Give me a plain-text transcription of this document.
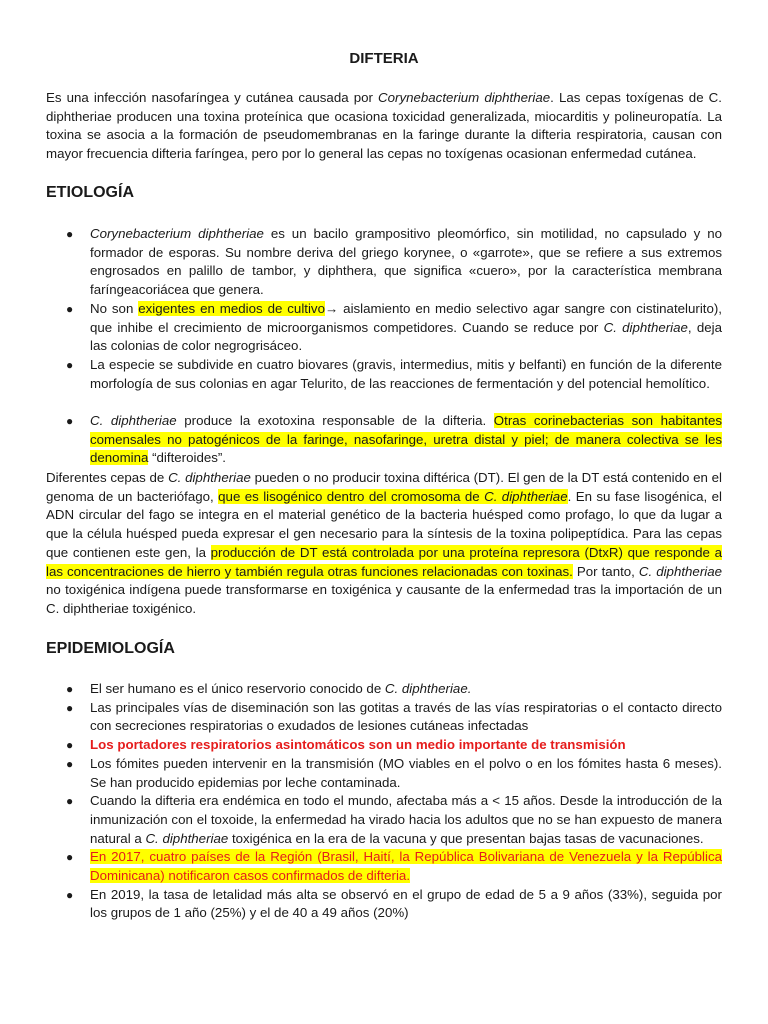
DIFTERIA

Es una infección nasofaríngea y cutánea causada por Corynebacterium diphtheriae. Las cepas toxígenas de C. diphtheriae producen una toxina proteínica que ocasiona toxicidad generalizada, miocarditis y polineuropatía. La toxina se asocia a la formación de pseudomembranas en la faringe durante la difteria respiratoria, causan con mayor frecuencia difteria faríngea, pero por lo general las cepas no toxígenas ocasionan enfermedad cutánea.

ETIOLOGÍA
● Corynebacterium diphtheriae es un bacilo grampositivo pleomórfico, sin motilidad, no capsulado y no formador de esporas. Su nombre deriva del griego korynee, o «garrote», que se refiere a sus extremos engrosados en palillo de tambor, y diphthera, que significa «cuero», por la característica membrana faríngeacoriácea que genera.
● No son exigentes en medios de cultivo→ aislamiento en medio selectivo agar sangre con cistinatelurito), que inhibe el crecimiento de microorganismos competidores. Cuando se reduce por C. diphtheriae, deja las colonias de color negrogrisáceo.
● La especie se subdivide en cuatro biovares (gravis, intermedius, mitis y belfanti) en función de la diferente morfología de sus colonias en agar Telurito, de las reacciones de fermentación y del potencial hemolítico.
● C. diphtheriae produce la exotoxina responsable de la difteria. Otras corinebacterias son habitantes comensales no patogénicos de la faringe, nasofaringe, uretra distal y piel; de manera colectiva se les denomina “difteroides”.

Diferentes cepas de C. diphtheriae pueden o no producir toxina diftérica (DT). El gen de la DT está contenido en el genoma de un bacteriófago, que es lisogénico dentro del cromosoma de C. diphtheriae. En su fase lisogénica, el ADN circular del fago se integra en el material genético de la bacteria huésped como profago, lo que da lugar a que la célula huésped pueda expresar el gen necesario para la síntesis de la toxina polipeptídica. Para las cepas que contienen este gen, la producción de DT está controlada por una proteína represora (DtxR) que responde a las concentraciones de hierro y también regula otras funciones relacionadas con toxinas. Por tanto, C. diphtheriae no toxigénica indígena puede transformarse en toxigénica y causante de la enfermedad tras la importación de un C. diphtheriae toxigénico.

EPIDEMIOLOGÍA
● El ser humano es el único reservorio conocido de C. diphtheriae.
● Las principales vías de diseminación son las gotitas a través de las vías respiratorias o el contacto directo con secreciones respiratorias o exudados de lesiones cutáneas infectadas
● Los portadores respiratorios asintomáticos son un medio importante de transmisión
● Los fómites pueden intervenir en la transmisión (MO viables en el polvo o en los fómites hasta 6 meses). Se han producido epidemias por leche contaminada.
● Cuando la difteria era endémica en todo el mundo, afectaba más a < 15 años. Desde la introducción de la inmunización con el toxoide, la enfermedad ha virado hacia los adultos que no se han expuesto de manera natural a C. diphtheriae toxigénica en la era de la vacuna y que presentan bajas tasas de vacunaciones.
● En 2017, cuatro países de la Región (Brasil, Haití, la República Bolivariana de Venezuela y la República Dominicana) notificaron casos confirmados de difteria.
● En 2019, la tasa de letalidad más alta se observó en el grupo de edad de 5 a 9 años (33%), seguida por los grupos de 1 año (25%) y el de 40 a 49 años (20%)
